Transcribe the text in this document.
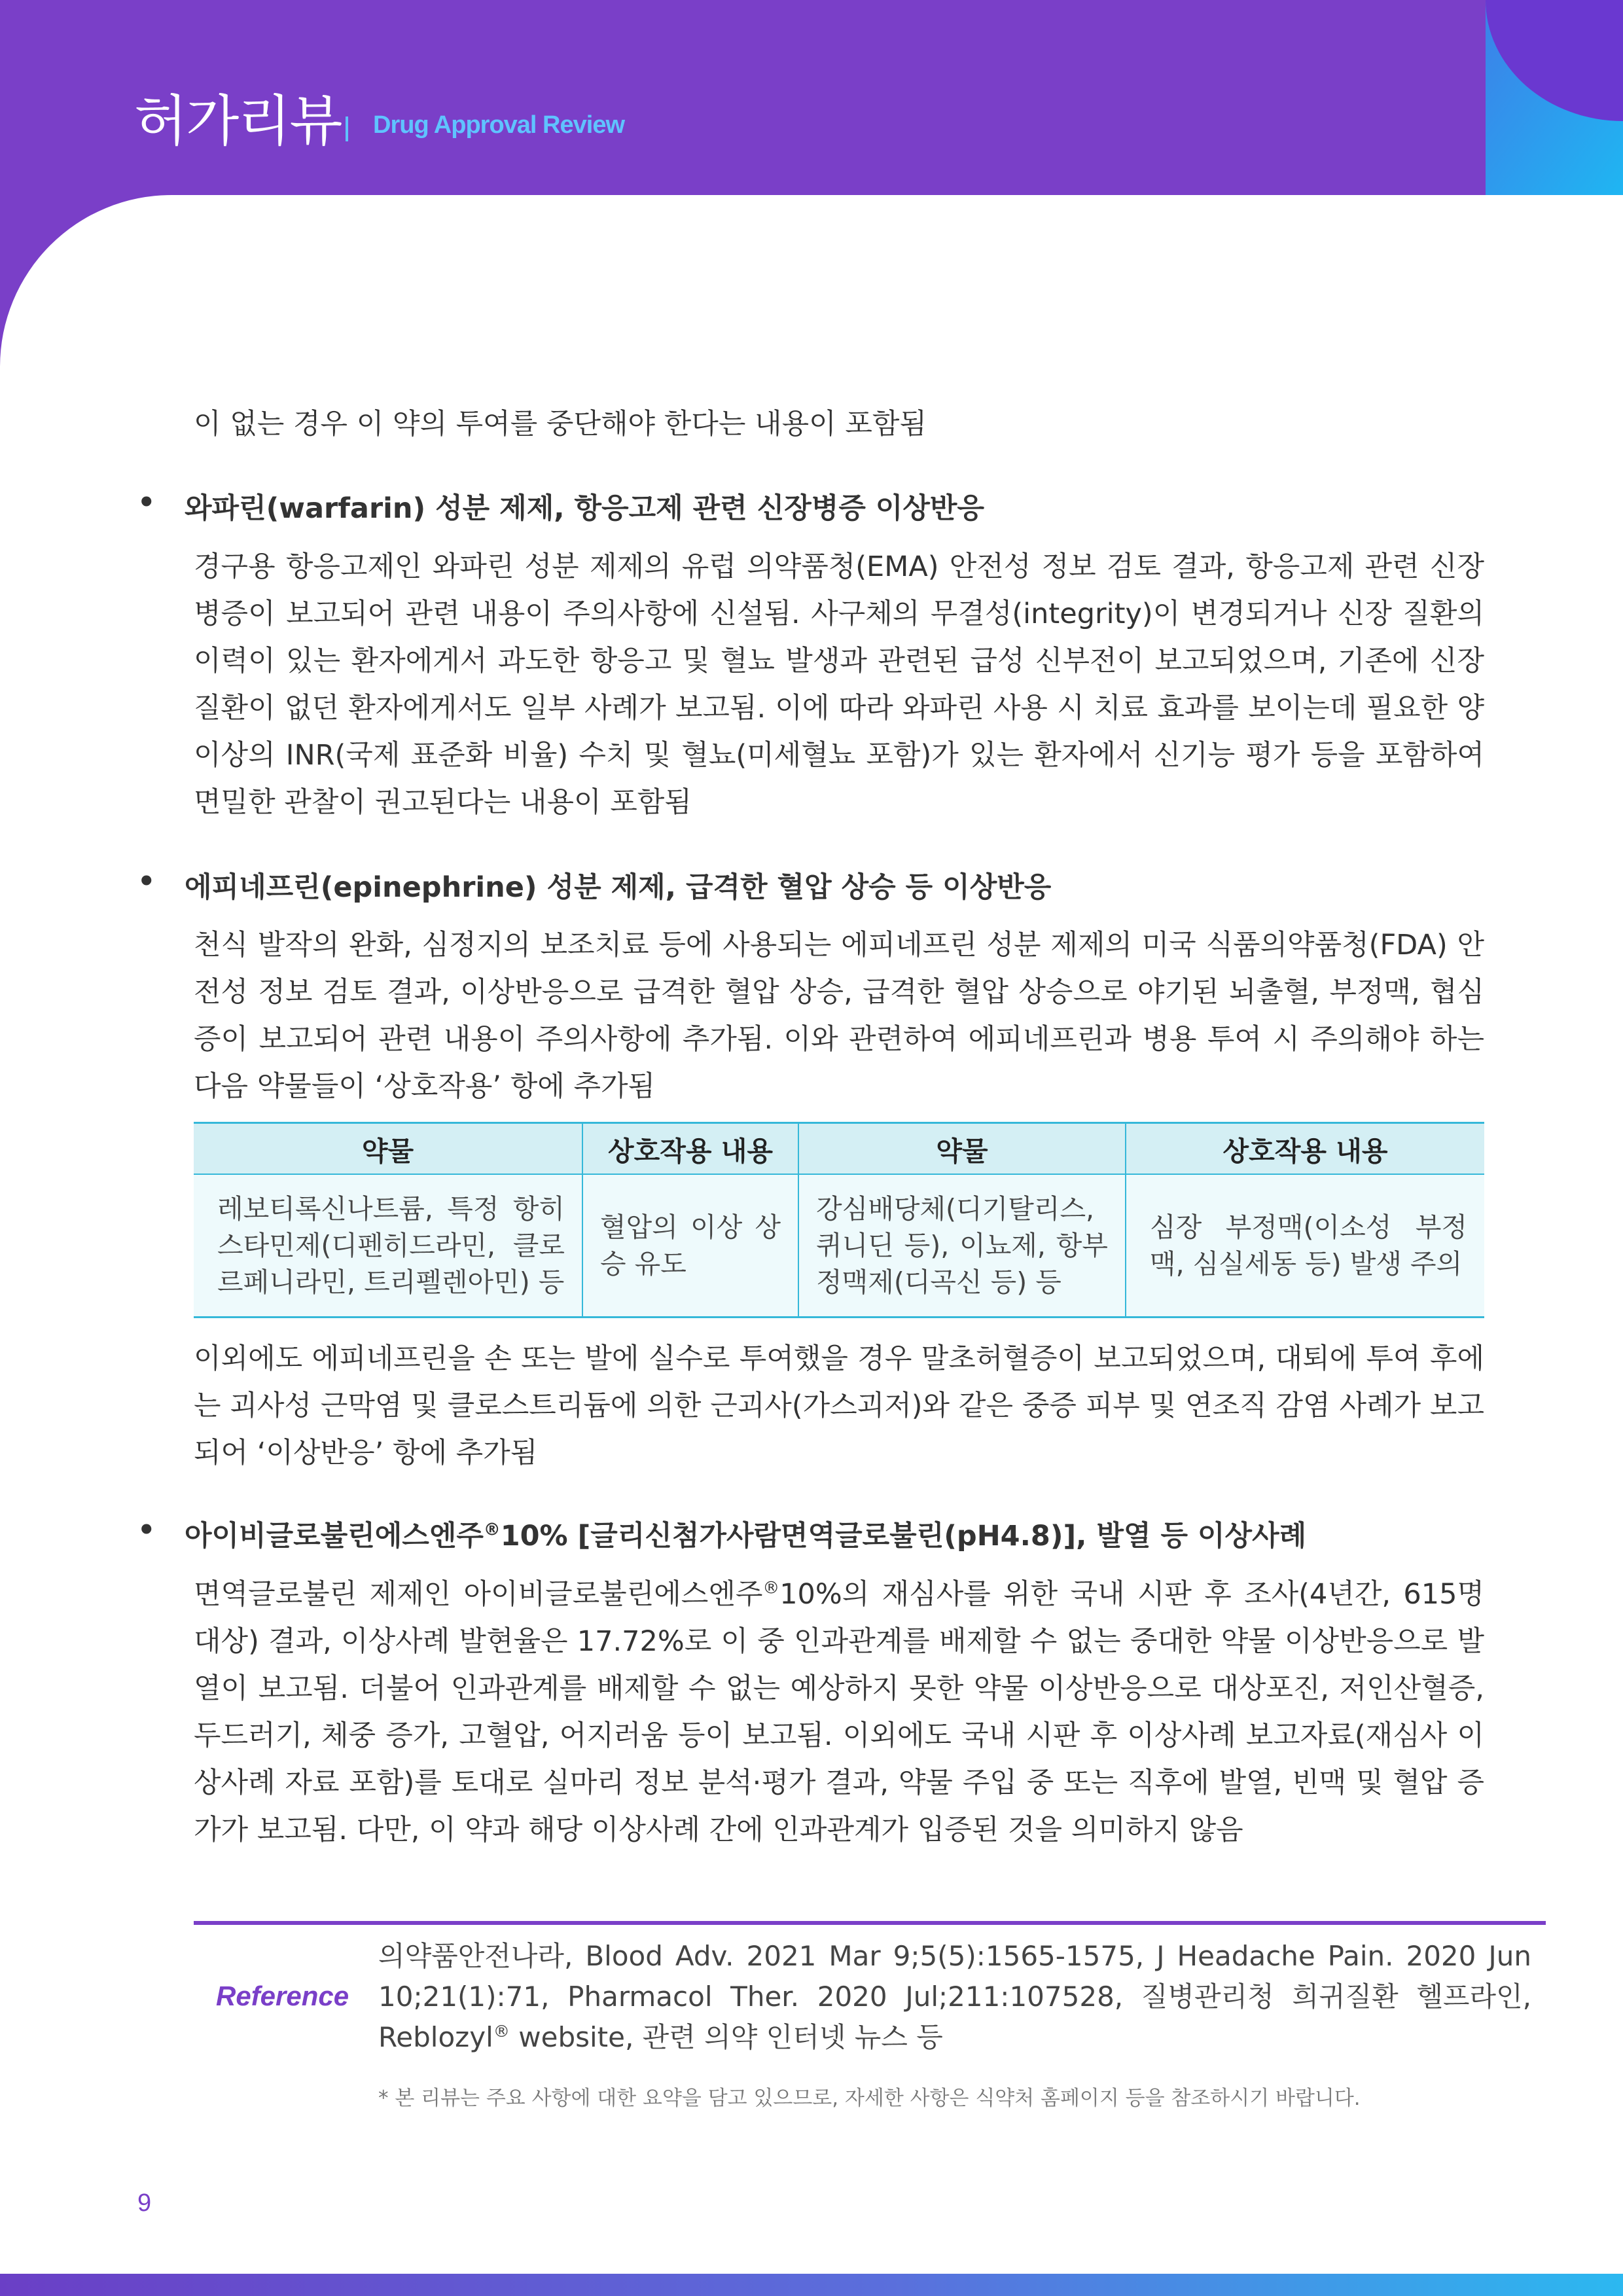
허가리뷰 Drug Approval Review
이 없는 경우 이 약의 투여를 중단해야 한다는 내용이 포함됨
• 와파린(warfarin) 성분 제제, 항응고제 관련 신장병증 이상반응
경구용 항응고제인 와파린 성분 제제의 유럽 의약품청(EMA) 안전성 정보 검토 결과, 항응고제 관련 신장병증이 보고되어 관련 내용이 주의사항에 신설됨. 사구체의 무결성(integrity)이 변경되거나 신장 질환의 이력이 있는 환자에게서 과도한 항응고 및 혈뇨 발생과 관련된 급성 신부전이 보고되었으며, 기존에 신장 질환이 없던 환자에게서도 일부 사례가 보고됨. 이에 따라 와파린 사용 시 치료 효과를 보이는데 필요한 양 이상의 INR(국제 표준화 비율) 수치 및 혈뇨(미세혈뇨 포함)가 있는 환자에서 신기능 평가 등을 포함하여 면밀한 관찰이 권고된다는 내용이 포함됨
• 에피네프린(epinephrine) 성분 제제, 급격한 혈압 상승 등 이상반응
천식 발작의 완화, 심정지의 보조치료 등에 사용되는 에피네프린 성분 제제의 미국 식품의약품청(FDA) 안전성 정보 검토 결과, 이상반응으로 급격한 혈압 상승, 급격한 혈압 상승으로 야기된 뇌출혈, 부정맥, 협심증이 보고되어 관련 내용이 주의사항에 추가됨. 이와 관련하여 에피네프린과 병용 투여 시 주의해야 하는 다음 약물들이 ‘상호작용’ 항에 추가됨
약물	상호작용 내용	약물	상호작용 내용
레보티록신나트륨, 특정 항히스타민제(디펜히드라민, 클로르페니라민, 트리펠렌아민) 등	혈압의 이상 상승 유도	강심배당체(디기탈리스, 퀴니딘 등), 이뇨제, 항부정맥제(디곡신 등) 등	심장 부정맥(이소성 부정맥, 심실세동 등) 발생 주의
이외에도 에피네프린을 손 또는 발에 실수로 투여했을 경우 말초허혈증이 보고되었으며, 대퇴에 투여 후에는 괴사성 근막염 및 클로스트리듐에 의한 근괴사(가스괴저)와 같은 중증 피부 및 연조직 감염 사례가 보고되어 ‘이상반응’ 항에 추가됨
• 아이비글로불린에스엔주®10% [글리신첨가사람면역글로불린(pH4.8)], 발열 등 이상사례
면역글로불린 제제인 아이비글로불린에스엔주®10%의 재심사를 위한 국내 시판 후 조사(4년간, 615명 대상) 결과, 이상사례 발현율은 17.72%로 이 중 인과관계를 배제할 수 없는 중대한 약물 이상반응으로 발열이 보고됨. 더불어 인과관계를 배제할 수 없는 예상하지 못한 약물 이상반응으로 대상포진, 저인산혈증, 두드러기, 체중 증가, 고혈압, 어지러움 등이 보고됨. 이외에도 국내 시판 후 이상사례 보고자료(재심사 이상사례 자료 포함)를 토대로 실마리 정보 분석·평가 결과, 약물 주입 중 또는 직후에 발열, 빈맥 및 혈압 증가가 보고됨. 다만, 이 약과 해당 이상사례 간에 인과관계가 입증된 것을 의미하지 않음
Reference
의약품안전나라, Blood Adv. 2021 Mar 9;5(5):1565-1575, J Headache Pain. 2020 Jun 10;21(1):71, Pharmacol Ther. 2020 Jul;211:107528, 질병관리청 희귀질환 헬프라인, Reblozyl® website, 관련 의약 인터넷 뉴스 등
* 본 리뷰는 주요 사항에 대한 요약을 담고 있으므로, 자세한 사항은 식약처 홈페이지 등을 참조하시기 바랍니다.
9
